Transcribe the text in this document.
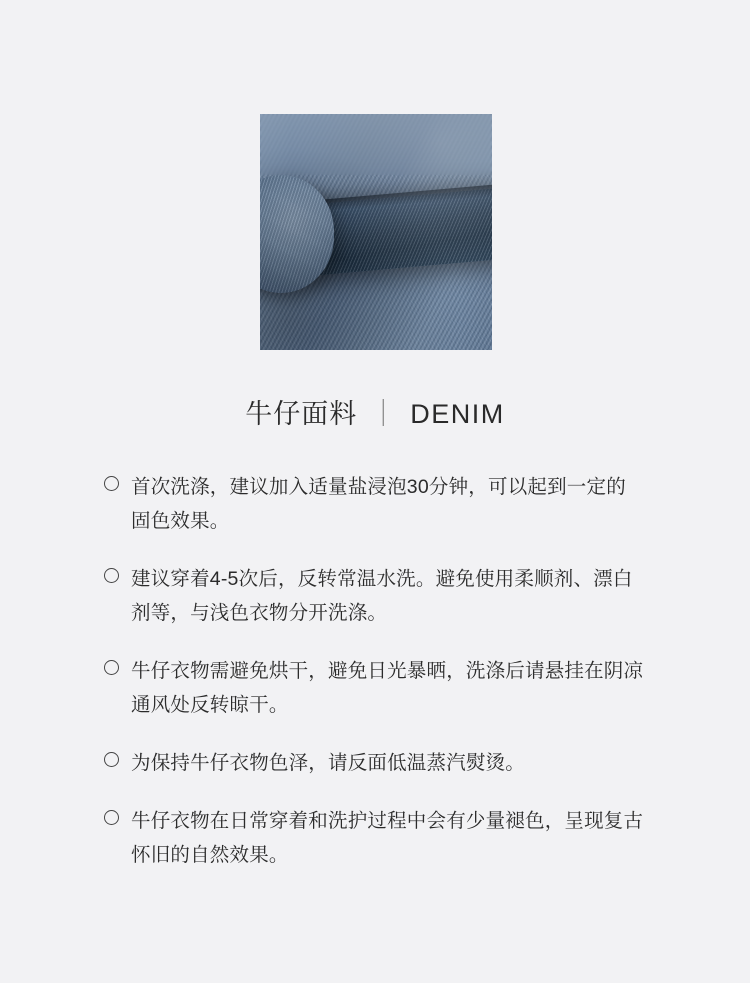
牛仔面料 ｜ DENIM
首次洗涤，建议加入适量盐浸泡30分钟，可以起到一定的固色效果。
建议穿着4-5次后，反转常温水洗。避免使用柔顺剂、漂白剂等，与浅色衣物分开洗涤。
牛仔衣物需避免烘干，避免日光暴晒，洗涤后请悬挂在阴凉通风处反转晾干。
为保持牛仔衣物色泽，请反面低温蒸汽熨烫。
牛仔衣物在日常穿着和洗护过程中会有少量褪色，呈现复古怀旧的自然效果。
